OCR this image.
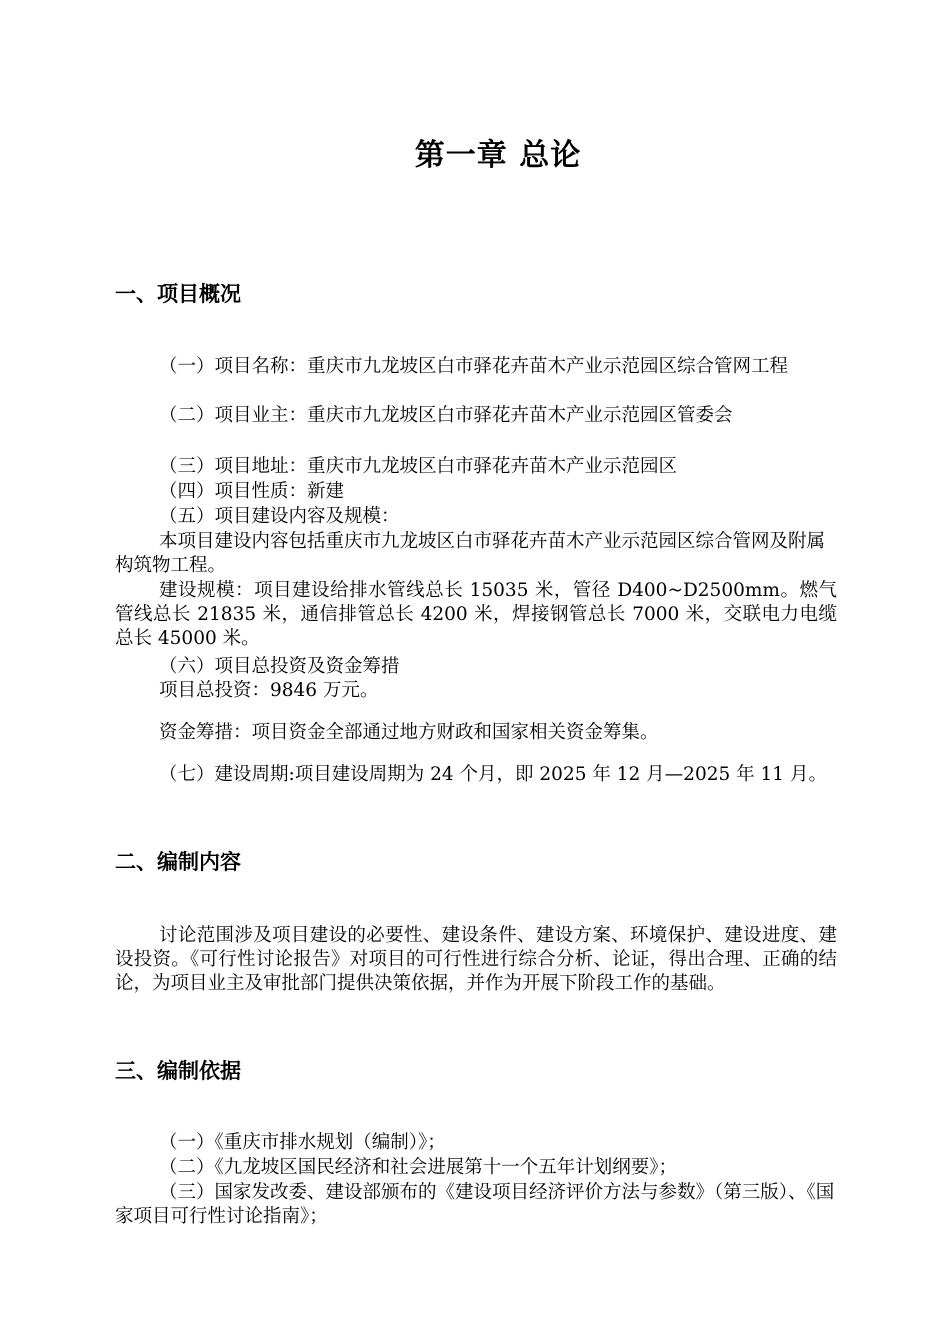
第一章 总论
一、项目概况

（一）项目名称：重庆市九龙坡区白市驿花卉苗木产业示范园区综合管网工程

（二）项目业主：重庆市九龙坡区白市驿花卉苗木产业示范园区管委会

（三）项目地址：重庆市九龙坡区白市驿花卉苗木产业示范园区

（四）项目性质：新建

（五）项目建设内容及规模：

本项目建设内容包括重庆市九龙坡区白市驿花卉苗木产业示范园区综合管网及附属构筑物工程。

建设规模：项目建设给排水管线总长 15035 米，管径 D400~D2500mm。燃气管线总长 21835 米，通信排管总长 4200 米，焊接钢管总长 7000 米，交联电力电缆总长 45000 米。

（六）项目总投资及资金筹措

项目总投资：9846 万元。

资金筹措：项目资金全部通过地方财政和国家相关资金筹集。

（七）建设周期:项目建设周期为 24 个月，即 2025 年 12 月—2025 年 11 月。

二、编制内容

讨论范围涉及项目建设的必要性、建设条件、建设方案、环境保护、建设进度、建设投资。《可行性讨论报告》对项目的可行性进行综合分析、论证，得出合理、正确的结论，为项目业主及审批部门提供决策依据，并作为开展下阶段工作的基础。

三、编制依据

（一）《重庆市排水规划（编制）》；

（二）《九龙坡区国民经济和社会进展第十一个五年计划纲要》；

（三）国家发改委、建设部颁布的《建设项目经济评价方法与参数》（第三版）、《国家项目可行性讨论指南》；
